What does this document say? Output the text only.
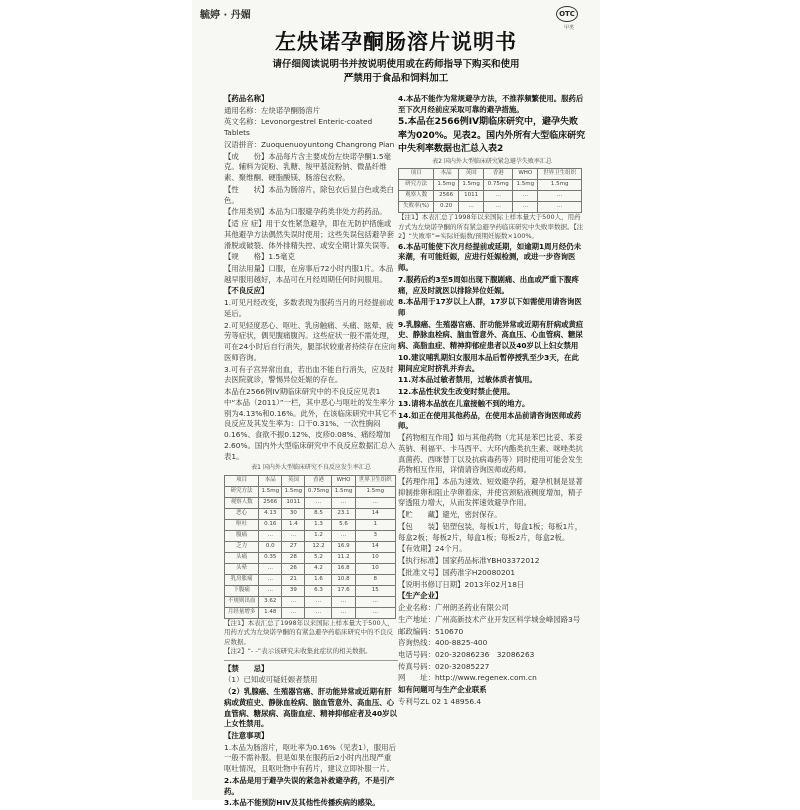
毓婷 · 丹媚	OTC
甲类
左炔诺孕酮肠溶片说明书
请仔细阅读说明书并按说明使用或在药师指导下购买和使用
严禁用于食品和饲料加工

【药品名称】

通用名称：左炔诺孕酮肠溶片

英文名称：Levonorgestrel Enteric-coated Tablets

汉语拼音：Zuoquenuoyuntong Changrong Pian

【成　　份】本品每片含主要成份左炔诺孕酮1.5毫克。辅料为淀粉、乳糖、羧甲基淀粉钠、微晶纤维素、聚维酮、硬脂酸镁、肠溶包衣粉。

【性　　状】本品为肠溶片，除包衣后显白色或类白色。

【作用类别】本品为口服避孕药类非处方药药品。

【适 应 症】用于女性紧急避孕，即在无防护措施或其他避孕方法偶然失误时使用；这些失误包括避孕套滑脱或破裂、体外排精失控、或安全期计算失误等。

【规　　格】1.5毫克

【用法用量】口服，在房事后72小时内服1片。本品越早服用越好，本品可在月经周期任何时间服用。

【不良反应】

1.可见月经改变，多数表现为服药当月的月经提前或延后。

2.可见轻度恶心、呕吐、乳房触痛、头痛、眩晕、疲劳等症状，偶见腹痛腹泻。这些症状一般不需处理，可在24小时后自行消失，腿部状较重者持续存在应向医师咨询。

3.可有子宫异常出血，若出血不能自行消失，应及时去医院就诊，警惕异位妊娠的存在。

本品在2566例IV期临床研究中的不良反应见表1中“本品（2011）”一栏，其中恶心与呕吐的发生率分别为4.13%和0.16%。此外，在该临床研究中其它不良反应及其发生率为：口干0.31%、一次性胸闷0.16%、食欲不振0.12%、皮疹0.08%、痛经增加2.60%。国内外大型临床研究中不良反应数据汇总入表1。

表1 国内外大型临床研究不良反应发生率汇总
项目	本品	英国	香港	WHO	世界卫生组织
研究方法	1.5mg	1.5mg	0.75mg	1.5mg	1.5mg
观察人数	2566	1011	…	…	…
恶心	4.13	30	8.5	23.1	14
呕吐	0.16	1.4	1.3	5.6	1
腹痛	…	…	1.2	…	3
乏力	0.0	27	12.2	16.9	14
头痛	0.35	28	5.2	11.2	10
头晕	…	26	4.2	16.8	10
乳房胀痛	…	21	1.6	10.8	8
下腹痛	…	39	6.3	17.6	15
不规则出血	3.62	…	…	…	…
月经量增多	1.48	…	…	…	…
【注1】本表汇总了1998年以来国际上样本量大于500人，用药方式为左炔诺孕酮的有紧急避孕药临床研究中的不良反应数据。
【注2】“- -”表示该研究未收集此症状的相关数据。

【禁　　忌】

（1）已知或可疑妊娠者禁用

（2）乳腺癌、生殖器官癌、肝功能异常或近期有肝病或黄疸史、静脉血栓病、脑血管意外、高血压、心血管病、糖尿病、高脂血症、精神抑郁症者及40岁以上女性禁用。

【注意事项】

1.本品为肠溶片，呕吐率为0.16%（见表1），服用后一般不需补服。但是如果在服药后2小时内出现严重呕吐情况，且呕吐物中有药片，建议立即补服一片。

2.本品是用于避孕失误的紧急补救避孕药，不是引产药。

3.本品不能预防HIV及其他性传播疾病的感染。

4.本品不能作为常规避孕方法，不推荐频繁使用。服药后至下次月经前应采取可靠的避孕措施。

5.本品在2566例IV期临床研究中，避孕失败率为020%。见表2。国内外所有大型临床研究中失利率数据也汇总入表2

表2 国内外大型临床研究紧急避孕失败率汇总
项目	本品	英国	香港	WHO	世界卫生组织
研究方法	1.5mg	1.5mg	0.75mg	1.5mg	1.5mg
观察人数	2566	1011	…	…	…
失败率(%)	0.20	…	…	…	…
【注1】本表汇总了1998年以来国际上样本量大于500人，用药方式为左炔诺孕酮的所有紧急避孕药临床研究中失败率数据。【注2】“失败率”=实际妊娠数/预期妊娠数×100%。

6.本品可能使下次月经提前或延期，如逾期1周月经仍未来潮，有可能妊娠，应进行妊娠检测，或进一步咨询医师。

7.服药后约3至5周如出现下腹剧痛、出血或严重下腹疼痛，应及时就医以排除异位妊娠。

8.本品用于17岁以上人群，17岁以下如需使用请咨询医师

9.乳腺癌、生殖器官癌、肝功能异常或近期有肝病或黄疸史、静脉血栓病、脑血管意外、高血压、心血管病、糖尿病、高脂血症、精神抑郁症患者以及40岁以上妇女禁用

10.建议哺乳期妇女服用本品后暂停授乳至少3天，在此期间应定时挤乳并弃去。

11.对本品过敏者禁用，过敏体质者慎用。

12.本品性状发生改变时禁止使用。

13.请将本品放在儿童接触不到的地方。

14.如正在使用其他药品，在使用本品前请咨询医师或药师。

【药物相互作用】如与其他药物（尤其是苯巴比妥、苯妥英钠、利福平、卡马西平、大环内酯类抗生素、咪唑类抗真菌药、西咪替丁以及抗病毒药等）同时使用可能会发生药物相互作用，详情请咨询医师或药师。

【药理作用】本品为速效、短效避孕药，避孕机制是显著抑制排卵和阻止孕卵着床，并使宫颈粘液稠度增加，精子穿透阻力增大，从而发挥速效避孕作用。

【贮　　藏】避光，密封保存。

【包　　装】铝塑包装，每板1片，每盒1板；每板1片，每盒2板；每板2片，每盒1板；每板2片，每盒2板。

【有效期】24个月。

【执行标准】国家药品标准YBH03372012

【批准文号】国药准字H20080201

【说明书修订日期】2013年02月18日

【生产企业】

企业名称：广州朗圣药业有限公司

生产地址：广州高新技术产业开发区科学城金峰园路3号

邮政编码：510670

咨询热线：400-8825-400

电话号码：020-32086236　32086263

传真号码：020-32085227

网　　址：http://www.regenex.com.cn

如有问题可与生产企业联系

专利号ZL 02 1 48956.4
